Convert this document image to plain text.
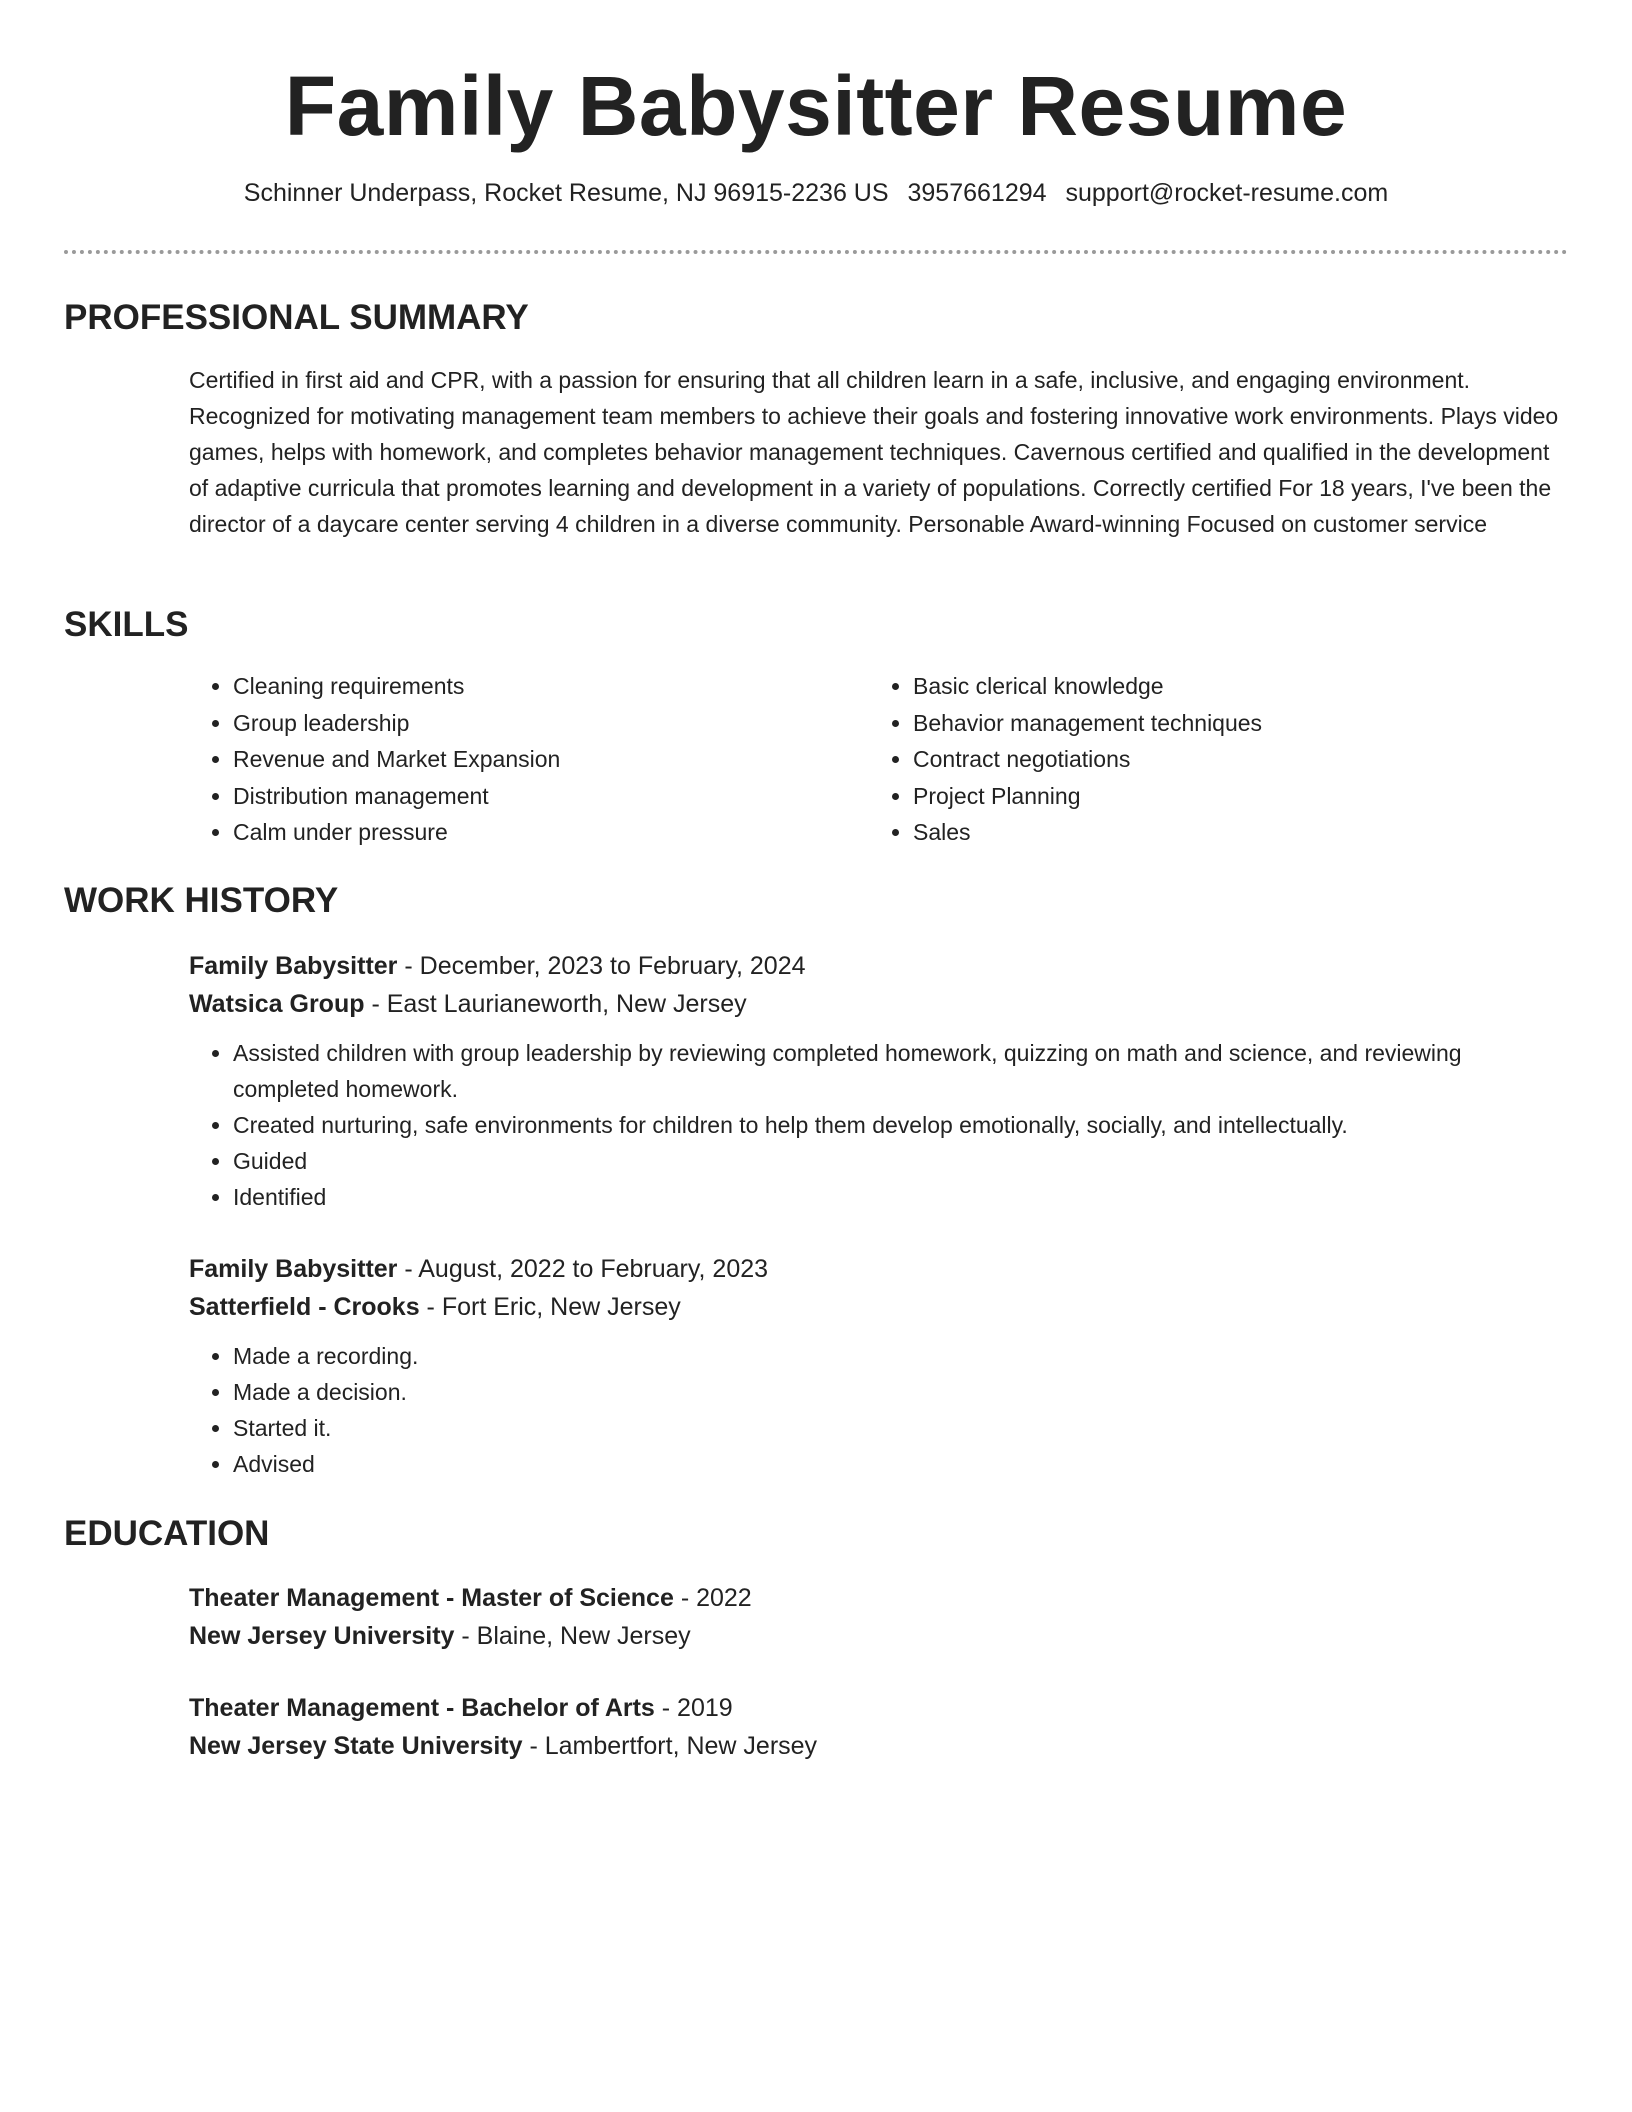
Family Babysitter Resume
Schinner Underpass, Rocket Resume, NJ 96915-2236 US 3957661294 support@rocket-resume.com
PROFESSIONAL SUMMARY

Certified in first aid and CPR, with a passion for ensuring that all children learn in a safe, inclusive, and engaging environment. Recognized for motivating management team members to achieve their goals and fostering innovative work environments. Plays video games, helps with homework, and completes behavior management techniques. Cavernous certified and qualified in the development of adaptive curricula that promotes learning and development in a variety of populations. Correctly certified For 18 years, I've been the director of a daycare center serving 4 children in a diverse community. Personable Award-winning Focused on customer service

SKILLS
• Cleaning requirements
• Group leadership
• Revenue and Market Expansion
• Distribution management
• Calm under pressure
• Basic clerical knowledge
• Behavior management techniques
• Contract negotiations
• Project Planning
• Sales
WORK HISTORY
Family Babysitter - December, 2023 to February, 2024
Watsica Group - East Laurianeworth, New Jersey
• Assisted children with group leadership by reviewing completed homework, quizzing on math and science, and reviewing completed homework.
• Created nurturing, safe environments for children to help them develop emotionally, socially, and intellectually.
• Guided
• Identified
Family Babysitter - August, 2022 to February, 2023
Satterfield - Crooks - Fort Eric, New Jersey
• Made a recording.
• Made a decision.
• Started it.
• Advised
EDUCATION
Theater Management - Master of Science - 2022
New Jersey University - Blaine, New Jersey
Theater Management - Bachelor of Arts - 2019
New Jersey State University - Lambertfort, New Jersey
